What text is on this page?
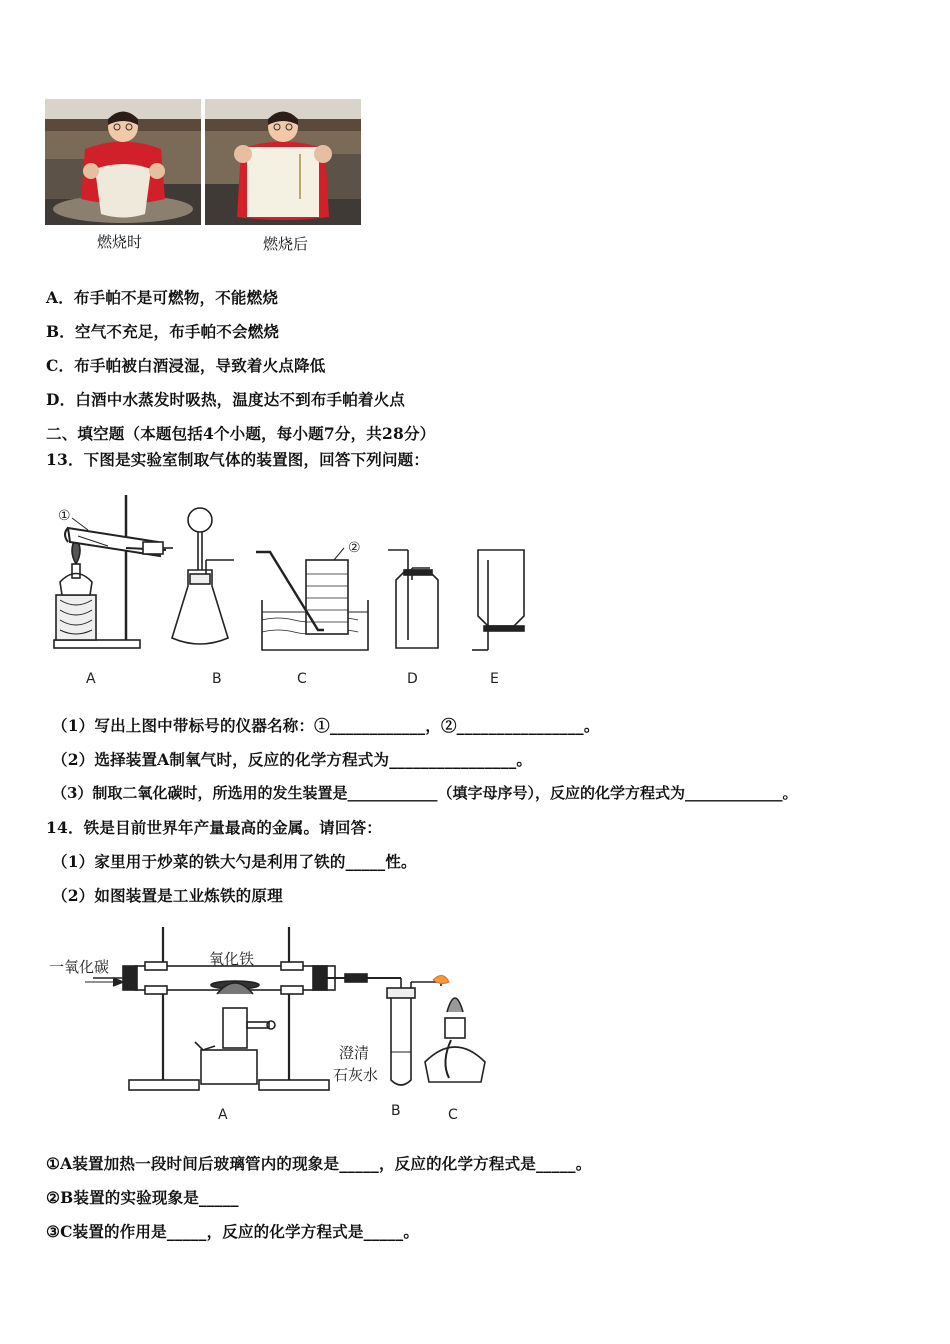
燃烧时	燃烧后
A．布手帕不是可燃物，不能燃烧
B．空气不充足，布手帕不会燃烧
C．布手帕被白酒浸湿，导致着火点降低
D．白酒中水蒸发时吸热，温度达不到布手帕着火点
二、填空题（本题包括4个小题，每小题7分，共28分）
13．下图是实验室制取气体的装置图，回答下列问题：
①
②
A	B	C	D	E
（1）写出上图中带标号的仪器名称：①____________，②________________。
（2）选择装置A制氧气时，反应的化学方程式为________________。
（3）制取二氧化碳时，所选用的发生装置是____________（填字母序号），反应的化学方程式为_____________。
14．铁是目前世界年产量最高的金属。请回答：
（1）家里用于炒菜的铁大勺是利用了铁的_____性。
（2）如图装置是工业炼铁的原理
一氧化碳	氧化铁
澄清
石灰水
A	B	C
①A装置加热一段时间后玻璃管内的现象是_____，反应的化学方程式是_____。
②B装置的实验现象是_____
③C装置的作用是_____，反应的化学方程式是_____。
